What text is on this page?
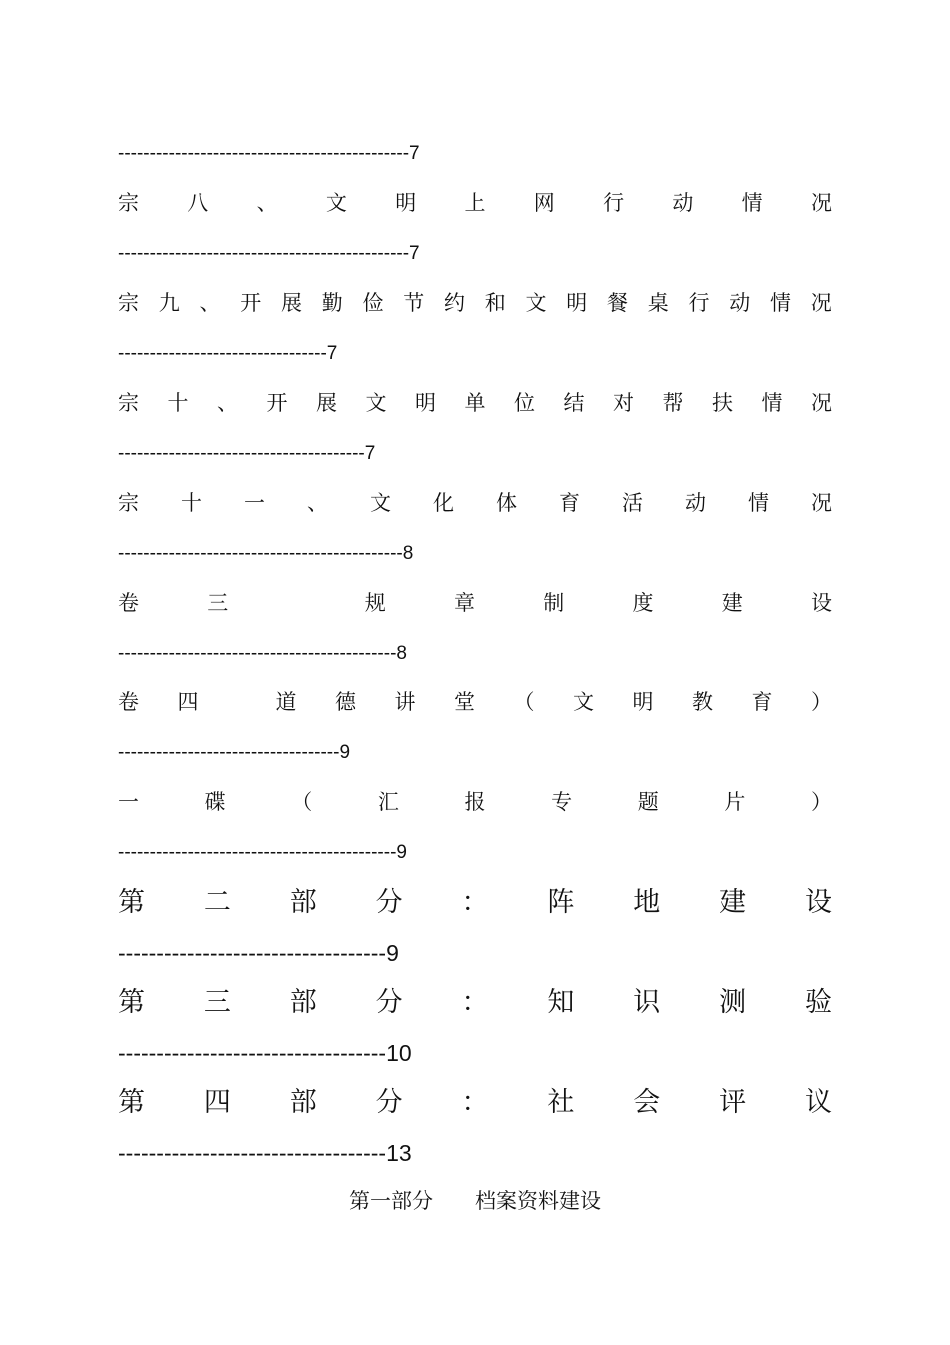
----------------------------------------------7
宗 八 、 文 明 上 网 行 动 情 况
----------------------------------------------7
宗 九 、 开 展 勤 俭 节 约 和 文 明 餐 桌 行 动 情 况
---------------------------------7
宗 十 、 开 展 文 明 单 位 结 对 帮 扶 情 况
---------------------------------------7
宗 十 一 、 文 化 体 育 活 动 情 况
---------------------------------------------8
卷	三	规	章	制	度	建	设
--------------------------------------------8
卷 四	道 德 讲 堂 （ 文 明 教 育 ）
-----------------------------------9
一	碟	（	汇	报	专	题	片	）
--------------------------------------------9
第 二 部 分 ： 阵 地 建 设
-----------------------------------9
第 三 部 分 ： 知 识 测 验
-----------------------------------10
第 四 部 分 ： 社 会 评 议
-----------------------------------13
第一部分　　档案资料建设
